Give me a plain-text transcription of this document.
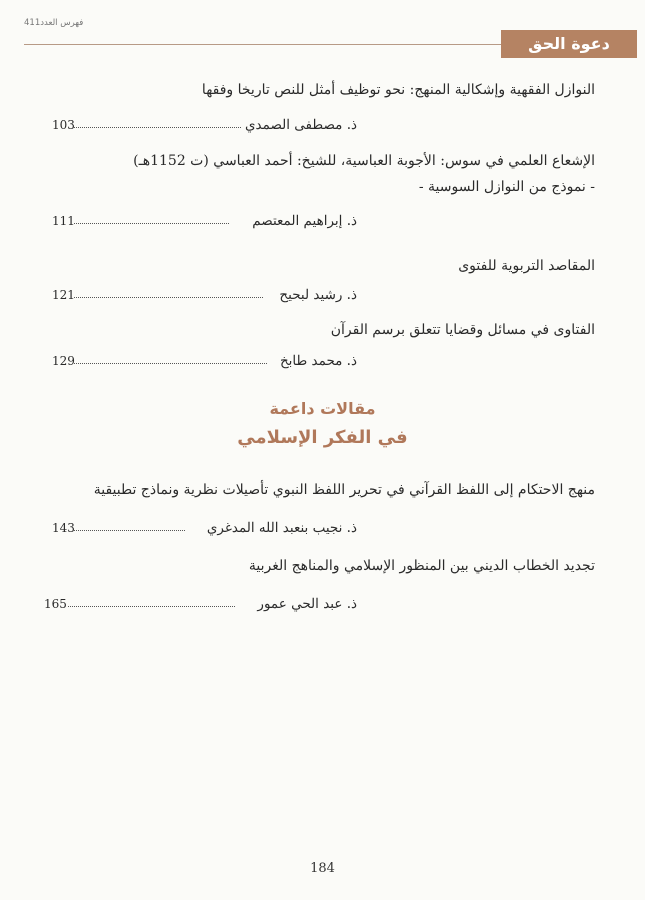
فهرس العدد411
دعوة الحق
النوازل الفقهية وإشكالية المنهج: نحو توظيف أمثل للنص تاريخا وفقها
103	ذ. مصطفى الصمدي
الإشعاع العلمي في سوس: الأجوبة العباسية، للشيخ: أحمد العباسي (ت 1152هـ)
- نموذج من النوازل السوسية -
111	ذ. إبراهيم المعتصم
المقاصد التربوية للفتوى
121	ذ. رشيد لبحيح
الفتاوى في مسائل وقضايا تتعلق برسم القرآن
129	ذ. محمد طابخ
مقالات داعمة
في الفكر الإسلامي
منهج الاحتكام إلى اللفظ القرآني في تحرير اللفظ النبوي تأصيلات نظرية ونماذج تطبيقية
143	ذ. نجيب بنعبد الله المدغري
تجديد الخطاب الديني بين المنظور الإسلامي والمناهج الغربية
165	ذ. عبد الحي عمور
184
